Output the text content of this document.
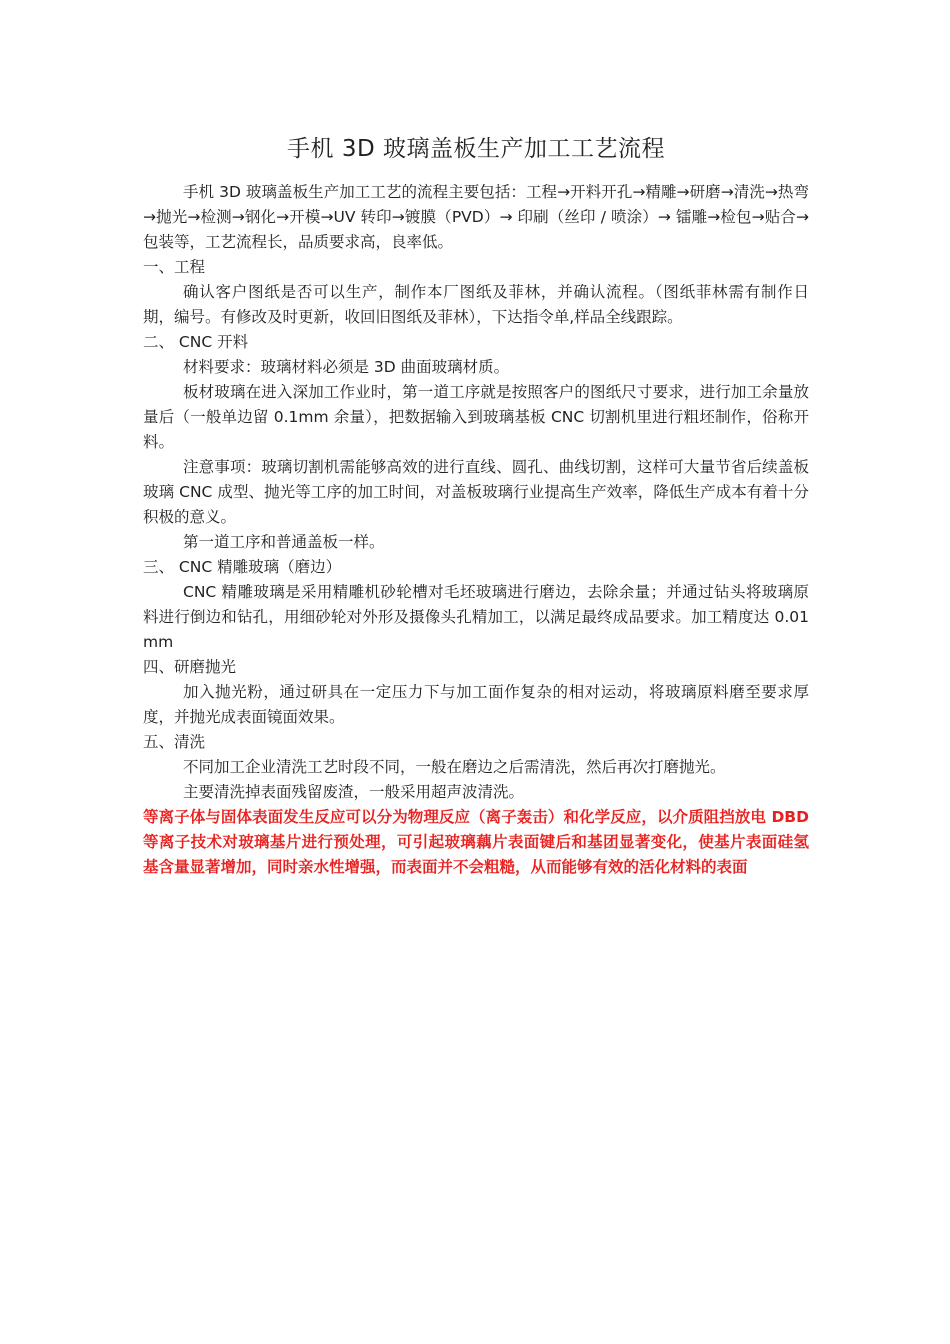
手机 3D 玻璃盖板生产加工工艺流程

手机 3D 玻璃盖板生产加工工艺的流程主要包括：工程→开料开孔→精雕→研磨→清洗→热弯→抛光→检测→钢化→开模→UV 转印→镀膜（PVD）→ 印刷（丝印 / 喷涂）→ 镭雕→检包→贴合→ 包装等，工艺流程长，品质要求高，良率低。

一、工程

确认客户图纸是否可以生产，制作本厂图纸及菲林，并确认流程。（图纸菲林需有制作日期，编号。有修改及时更新，收回旧图纸及菲林），下达指令单,样品全线跟踪。

二、 CNC 开料

材料要求：玻璃材料必须是 3D 曲面玻璃材质。

板材玻璃在进入深加工作业时，第一道工序就是按照客户的图纸尺寸要求，进行加工余量放量后（一般单边留 0.1mm 余量），把数据输入到玻璃基板 CNC 切割机里进行粗坯制作，俗称开料。

注意事项：玻璃切割机需能够高效的进行直线、圆孔、曲线切割，这样可大量节省后续盖板玻璃 CNC 成型、抛光等工序的加工时间，对盖板玻璃行业提高生产效率，降低生产成本有着十分积极的意义。

第一道工序和普通盖板一样。

三、 CNC 精雕玻璃（磨边）

CNC 精雕玻璃是采用精雕机砂轮槽对毛坯玻璃进行磨边，去除余量；并通过钻头将玻璃原料进行倒边和钻孔，用细砂轮对外形及摄像头孔精加工，以满足最终成品要求。加工精度达 0.01mm

四、研磨抛光

加入抛光粉，通过研具在一定压力下与加工面作复杂的相对运动，将玻璃原料磨至要求厚度，并抛光成表面镜面效果。

五、清洗

不同加工企业清洗工艺时段不同，一般在磨边之后需清洗，然后再次打磨抛光。

主要清洗掉表面残留废渣，一般采用超声波清洗。

等离子体与固体表面发生反应可以分为物理反应（离子轰击）和化学反应，以介质阻挡放电 DBD 等离子技术对玻璃基片进行预处理，可引起玻璃藕片表面键后和基团显著变化，使基片表面硅氢基含量显著增加，同时亲水性增强，而表面并不会粗糙，从而能够有效的活化材料的表面
